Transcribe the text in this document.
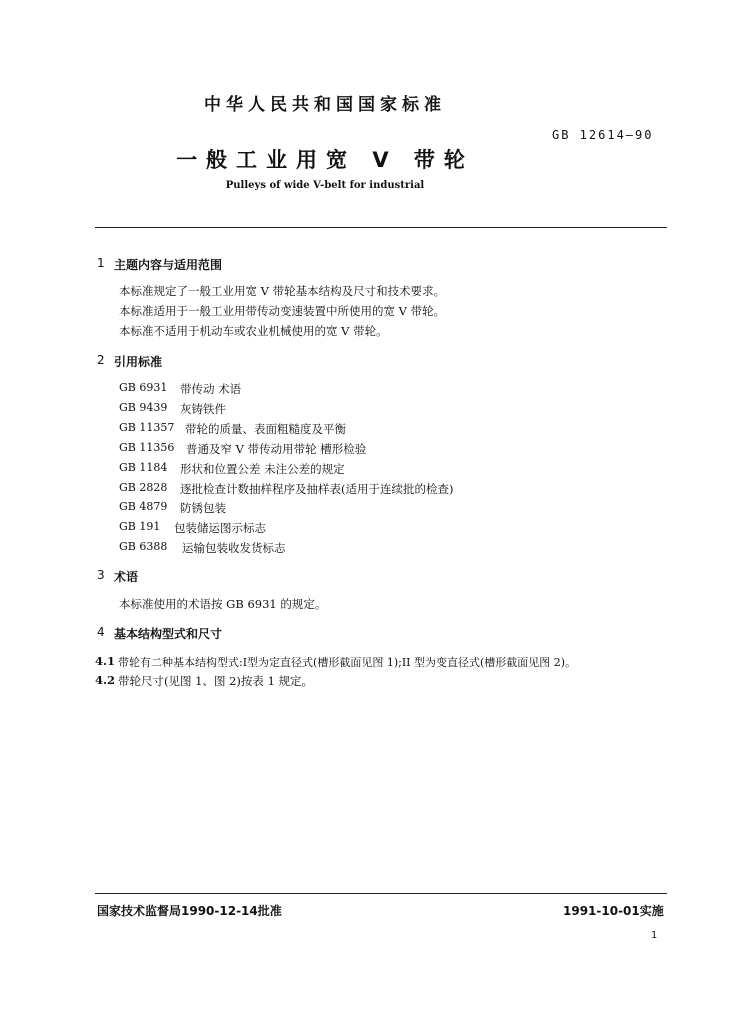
中华人民共和国国家标准
GB 12614—90
一般工业用宽 V 带轮
Pulleys of wide V-belt for industrial
1 主题内容与适用范围
本标准规定了一般工业用宽 V 带轮基本结构及尺寸和技术要求。
本标准适用于一般工业用带传动变速装置中所使用的宽 V 带轮。
本标准不适用于机动车或农业机械使用的宽 V 带轮。
2 引用标准
GB 6931 带传动 术语
GB 9439 灰铸铁件
GB 11357 带轮的质量、表面粗糙度及平衡
GB 11356 普通及窄 V 带传动用带轮 槽形检验
GB 1184 形状和位置公差 未注公差的规定
GB 2828 逐批检查计数抽样程序及抽样表(适用于连续批的检查)
GB 4879 防锈包装
GB 191 包装储运图示标志
GB 6388 运输包装收发货标志
3 术语
本标准使用的术语按 GB 6931 的规定。
4 基本结构型式和尺寸
4.1 带轮有二种基本结构型式:I型为定直径式(槽形截面见图 1);II 型为变直径式(槽形截面见图 2)。
4.2 带轮尺寸(见图 1、图 2)按表 1 规定。
国家技术监督局1990-12-14批准	1991-10-01实施
1
